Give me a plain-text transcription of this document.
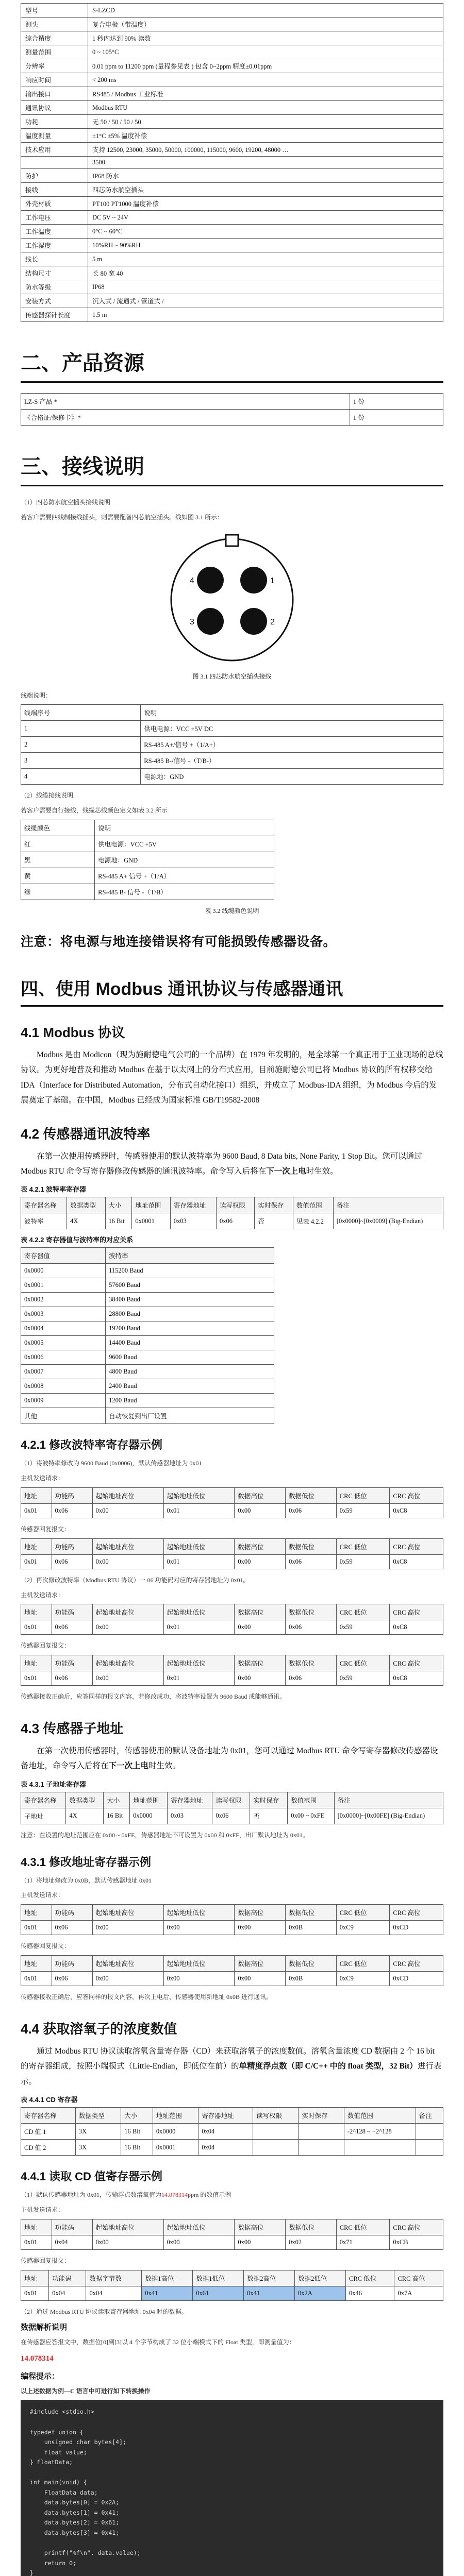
型号	S-LZCD
测头	复合电极（带温度）
综合精度	1 秒内达到 90% 读数
测量范围	0 ~ 105°C
分辨率	0.01 ppm to 11200 ppm (量程参见表 ) 包含 0~2ppm 精度±0.01ppm
响应时间	< 200 ms
输出接口	RS485 / Modbus 工业标准
通讯协议	Modbus RTU
功耗	无 50 / 50 / 50 / 50
温度测量	±1°C ±5% 温度补偿
技术应用	支持 12500, 23000, 35000, 50000, 100000, 115000, 9600, 19200, 48000 …
	3500
防护	IP68 防水
接线	四芯防水航空插头
外壳材质	PT100 PT1000 温度补偿
工作电压	DC 5V ~ 24V
工作温度	0°C ~ 60°C
工作湿度	10%RH ~ 90%RH
线长	5 m
结构尺寸	长 80 宽 40
防水等级	IP68
安装方式	沉入式 / 流通式 / 管道式 /
传感器探针长度	1.5 m
二、产品资源
LZ-S 产品 *	1 份
《合格证/保修卡》*	1 份
三、接线说明

（1）四芯防水航空插头接线说明

若客户需要四线制接线插头，则需要配备四芯航空插头。线如图 3.1 所示：

4	1
3	2
图 3.1 四芯防水航空插头接线

线端说明：

线端序号	说明
1	供电电源：VCC +5V DC
2	RS-485 A+/信号 +（1/A+）
3	RS-485 B-/信号 -（T/B-）
4	电源地：GND

（2）线缆接线说明

若客户需要自行接线，线缆芯线颜色定义如表 3.2 所示

线缆颜色	说明
红	供电电源：VCC +5V
黑	电源地：GND
黄	RS-485 A+ 信号 +（T/A）
绿	RS-485 B- 信号 -（T/B）

表 3.2 线缆颜色说明

注意：将电源与地连接错误将有可能损毁传感器设备。
四、使用 Modbus 通讯协议与传感器通讯
4.1 Modbus 协议

Modbus 是由 Modicon（现为施耐德电气公司的一个品牌）在 1979 年发明的，是全球第一个真正用于工业现场的总线协议。为更好地普及和推动 Modbus 在基于以太网上的分布式应用，目前施耐德公司已将 Modbus 协议的所有权移交给 IDA（Interface for Distributed Automation，分布式自动化接口）组织，并成立了 Modbus-IDA 组织，为 Modbus 今后的发展奠定了基础。在中国，Modbus 已经成为国家标准 GB/T19582-2008

4.2 传感器通讯波特率

在第一次使用传感器时，传感器使用的默认波特率为 9600 Baud, 8 Data bits, None Parity, 1 Stop Bit。您可以通过 Modbus RTU 命令写寄存器修改传感器的通讯波特率。命令写入后将在下一次上电时生效。

表 4.2.1 波特率寄存器
寄存器名称	数据类型	大小	地址范围	寄存器地址	读写权限	实时保存	数值范围	备注
波特率	4X	16 Bit	0x0001	0x03	0x06	否	见表 4.2.2	[0x0000]~[0x0009] (Big-Endian)
表 4.2.2 寄存器值与波特率的对应关系
寄存器值	波特率
0x0000	115200 Baud
0x0001	57600 Baud
0x0002	38400 Baud
0x0003	28800 Baud
0x0004	19200 Baud
0x0005	14400 Baud
0x0006	9600 Baud
0x0007	4800 Baud
0x0008	2400 Baud
0x0009	1200 Baud
其他	自动恢复到出厂设置
4.2.1 修改波特率寄存器示例

（1）将波特率修改为 9600 Baud (0x0006)，默认传感器地址为 0x01

主机发送请求：

地址	功能码	起始地址高位	起始地址低位	数据高位	数据低位	CRC 低位	CRC 高位
0x01	0x06	0x00	0x01	0x00	0x06	0x59	0xC8

传感器回复报文：

地址	功能码	起始地址高位	起始地址低位	数据高位	数据低位	CRC 低位	CRC 高位
0x01	0x06	0x00	0x01	0x00	0x06	0x59	0xC8

（2）再次修改波特率（Modbus RTU 协议）一 06 功能码对应的寄存器地址为 0x01。

主机发送请求：

地址	功能码	起始地址高位	起始地址低位	数据高位	数据低位	CRC 低位	CRC 高位
0x01	0x06	0x00	0x01	0x00	0x06	0x59	0xC8

传感器回复报文：

地址	功能码	起始地址高位	起始地址低位	数据高位	数据低位	CRC 低位	CRC 高位
0x01	0x06	0x00	0x01	0x00	0x06	0x59	0xC8

传感器接收正确后，应答同样的报文内容，若修改成功，将波特率设置为 9600 Baud 或能够通讯。

4.3 传感器子地址

在第一次使用传感器时，传感器使用的默认设备地址为 0x01，您可以通过 Modbus RTU 命令写寄存器修改传感器设备地址，命令写入后将在下一次上电时生效。

表 4.3.1 子地址寄存器
寄存器名称	数据类型	大小	地址范围	寄存器地址	读写权限	实时保存	数值范围	备注
子地址	4X	16 Bit	0x0000	0x03	0x06	否	0x00 ~ 0xFE	[0x0000]~[0x00FE] (Big-Endian)

注意：在设置的地址范围应在 0x00 ~ 0xFE，传感器地址不可设置为 0x00 和 0xFF，出厂默认地址为 0x01。

4.3.1 修改地址寄存器示例

（1）将地址修改为 0x0B，默认传感器地址 0x01

主机发送请求：

地址	功能码	起始地址高位	起始地址低位	数据高位	数据低位	CRC 低位	CRC 高位
0x01	0x06	0x00	0x00	0x00	0x0B	0xC9	0xCD

传感器回复报文：

地址	功能码	起始地址高位	起始地址低位	数据高位	数据低位	CRC 低位	CRC 高位
0x01	0x06	0x00	0x00	0x00	0x0B	0xC9	0xCD

传感器接收正确后，应答同样的报文内容，再次上电后，传感器使用新地址 0x0B 进行通讯。

4.4 获取溶氧子的浓度数值

通过 Modbus RTU 协议读取溶氧含量寄存器（CD）来获取溶氧子的浓度数值。溶氧含量浓度 CD 数据由 2 个 16 bit 的寄存器组成，按照小端模式（Little-Endian，即低位在前）的单精度浮点数（即 C/C++ 中的 float 类型，32 Bit）进行表示。

表 4.4.1 CD 寄存器
寄存器名称	数据类型	大小	地址范围	寄存器地址	读写权限	实时保存	数值范围	备注
CD 值 1	3X	16 Bit	0x0000	0x04			-2^128 ~ +2^128	
CD 值 2	3X	16 Bit	0x0001	0x04				
4.4.1 读取 CD 值寄存器示例

（1）默认传感器地址为 0x01，传输浮点数溶氧值为14.078314ppm 的数值示例

主机发送请求：

地址	功能码	起始地址高位	起始地址低位	数据高位	数据低位	CRC 低位	CRC 高位
0x01	0x04	0x00	0x00	0x00	0x02	0x71	0xCB

传感器回复报文：

地址	功能码	数据字节数	数据1高位	数据1低位	数据2高位	数据2低位	CRC 低位	CRC 高位
0x01	0x04	0x04	0x41	0x61	0x41	0x2A	0x46	0x7A

（2）通过 Modbus RTU 协议读取寄存器地址 0x04 时的数据。

数据解析说明

在传感器应答报文中，数据位[0]到[3]以 4 个字节构成了 32 位小端模式下的 Float 类型，即测量值为：

14.078314

编程提示：

以上述数据为例—C 语言中可进行如下转换操作

#include <stdio.h>

typedef union {
unsigned char bytes[4];
float value;
} FloatData;

int main(void) {
FloatData data;
data.bytes[0] = 0x2A;
data.bytes[1] = 0x41;
data.bytes[2] = 0x61;
data.bytes[3] = 0x41;

printf("%f\n", data.value);
return 0;
}
